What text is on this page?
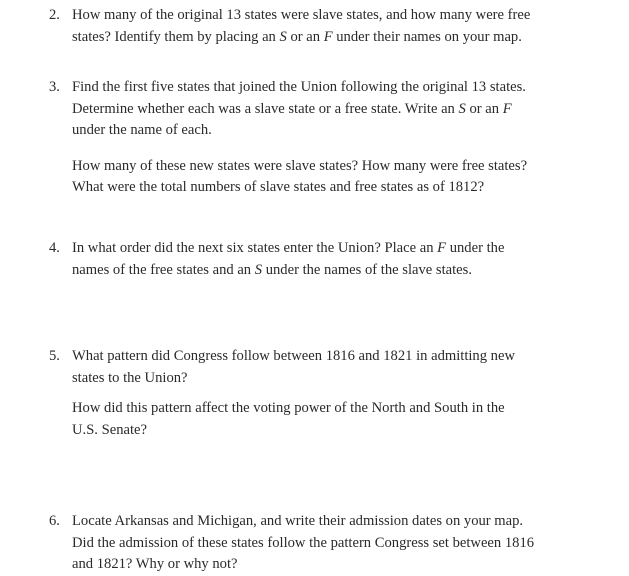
2. How many of the original 13 states were slave states, and how many were free
states? Identify them by placing an S or an F under their names on your map.
3. Find the first five states that joined the Union following the original 13 states.
Determine whether each was a slave state or a free state. Write an S or an F
under the name of each.
How many of these new states were slave states? How many were free states?
What were the total numbers of slave states and free states as of 1812?
4. In what order did the next six states enter the Union? Place an F under the
names of the free states and an S under the names of the slave states.
5. What pattern did Congress follow between 1816 and 1821 in admitting new
states to the Union?
How did this pattern affect the voting power of the North and South in the
U.S. Senate?
6. Locate Arkansas and Michigan, and write their admission dates on your map.
Did the admission of these states follow the pattern Congress set between 1816
and 1821? Why or why not?
